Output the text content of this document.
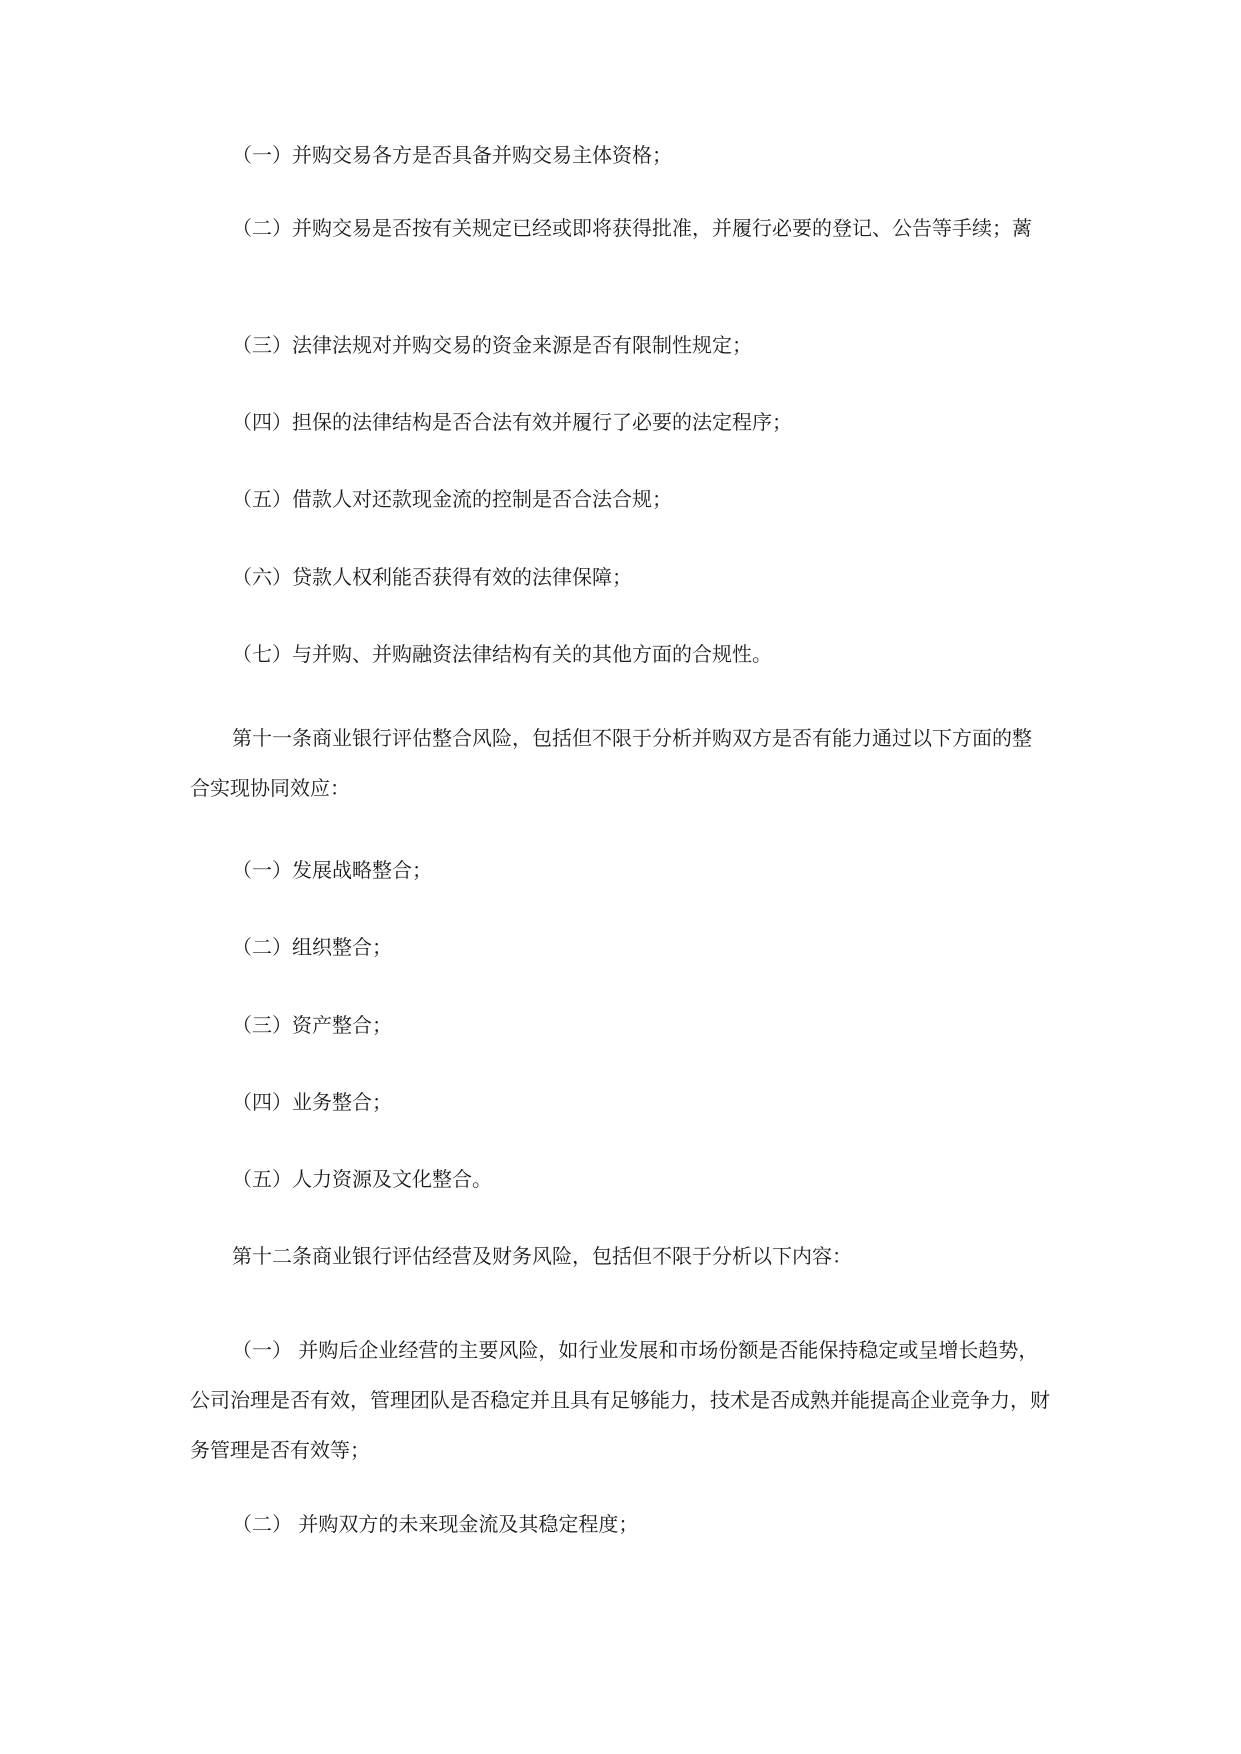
（一）并购交易各方是否具备并购交易主体资格；

（二）并购交易是否按有关规定已经或即将获得批准，并履行必要的登记、公告等手续；蓠

（三）法律法规对并购交易的资金来源是否有限制性规定；

（四）担保的法律结构是否合法有效并履行了必要的法定程序；

（五）借款人对还款现金流的控制是否合法合规；

（六）贷款人权利能否获得有效的法律保障；

（七）与并购、并购融资法律结构有关的其他方面的合规性。

第十一条商业银行评估整合风险，包括但不限于分析并购双方是否有能力通过以下方面的整合实现协同效应：

（一）发展战略整合；

（二）组织整合；

（三）资产整合；

（四）业务整合；

（五）人力资源及文化整合。

第十二条商业银行评估经营及财务风险，包括但不限于分析以下内容：

（一） 并购后企业经营的主要风险，如行业发展和市场份额是否能保持稳定或呈增长趋势，公司治理是否有效，管理团队是否稳定并且具有足够能力，技术是否成熟并能提高企业竞争力，财务管理是否有效等；

（二） 并购双方的未来现金流及其稳定程度；
